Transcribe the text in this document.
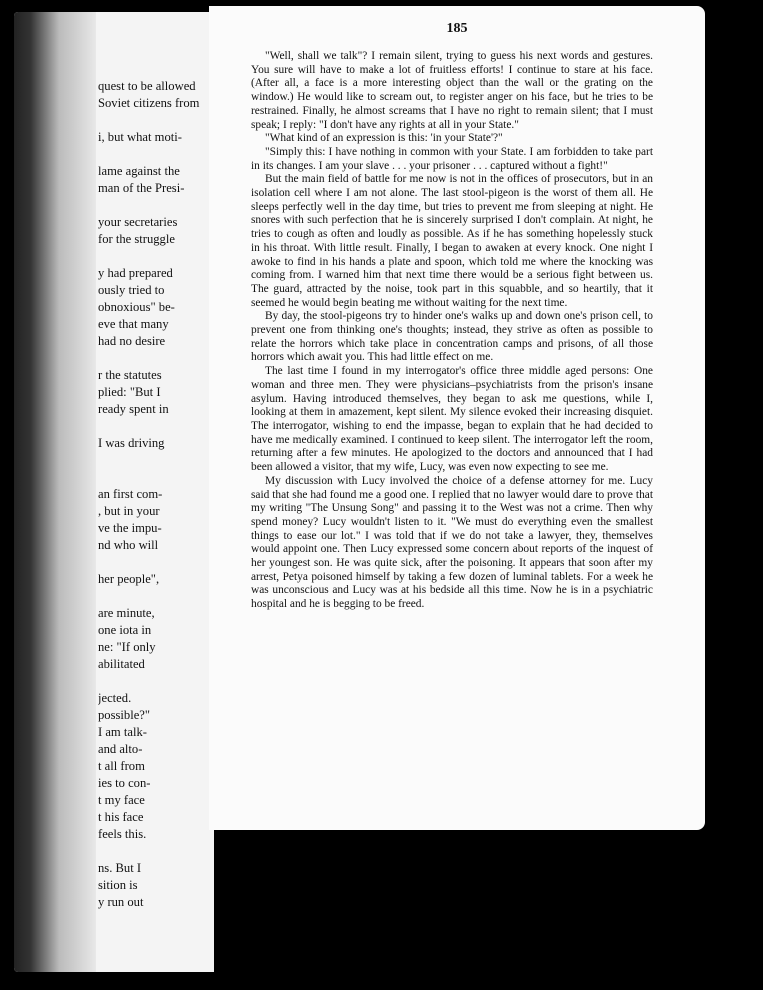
quest to be allowed
Soviet citizens from
i, but what moti-
lame against the
man of the Presi-
your secretaries
for the struggle
y had prepared
ously tried to
obnoxious" be-
eve that many
had no desire
r the statutes
plied: "But I
ready spent in
I was driving
an first com-
, but in your
ve the impu-
nd who will
her people",
are minute,
one iota in
ne: "If only
abilitated
jected.
possible?"
I am talk-
and alto-
t all from
ies to con-
t my face
t his face
feels this.
ns. But I
sition is
y run out
185

"Well, shall we talk"? I remain silent, trying to guess his next words and gestures. You sure will have to make a lot of fruitless efforts! I continue to stare at his face. (After all, a face is a more interesting object than the wall or the grating on the window.) He would like to scream out, to register anger on his face, but he tries to be restrained. Finally, he almost screams that I have no right to remain silent; that I must speak; I reply: "I don't have any rights at all in your State."

"What kind of an expression is this: 'in your State'?"

"Simply this: I have nothing in common with your State. I am forbidden to take part in its changes. I am your slave . . . your prisoner . . . captured without a fight!"

But the main field of battle for me now is not in the offices of prosecutors, but in an isolation cell where I am not alone. The last stool-pigeon is the worst of them all. He sleeps perfectly well in the day time, but tries to prevent me from sleeping at night. He snores with such perfection that he is sincerely surprised I don't complain. At night, he tries to cough as often and loudly as possible. As if he has something hopelessly stuck in his throat. With little result. Finally, I began to awaken at every knock. One night I awoke to find in his hands a plate and spoon, which told me where the knocking was coming from. I warned him that next time there would be a serious fight between us. The guard, attracted by the noise, took part in this squabble, and so heartily, that it seemed he would begin beating me without waiting for the next time.

By day, the stool-pigeons try to hinder one's walks up and down one's prison cell, to prevent one from thinking one's thoughts; instead, they strive as often as possible to relate the horrors which take place in concentration camps and prisons, of all those horrors which await you. This had little effect on me.

The last time I found in my interrogator's office three middle aged persons: One woman and three men. They were physicians–psychiatrists from the prison's insane asylum. Having introduced themselves, they began to ask me questions, while I, looking at them in amazement, kept silent. My silence evoked their increasing disquiet. The interrogator, wishing to end the impasse, began to explain that he had decided to have me medically examined. I continued to keep silent. The interrogator left the room, returning after a few minutes. He apologized to the doctors and announced that I had been allowed a visitor, that my wife, Lucy, was even now expecting to see me.

My discussion with Lucy involved the choice of a defense attorney for me. Lucy said that she had found me a good one. I replied that no lawyer would dare to prove that my writing "The Unsung Song" and passing it to the West was not a crime. Then why spend money? Lucy wouldn't listen to it. "We must do everything even the smallest things to ease our lot." I was told that if we do not take a lawyer, they, themselves would appoint one. Then Lucy expressed some concern about reports of the inquest of her youngest son. He was quite sick, after the poisoning. It appears that soon after my arrest, Petya poisoned himself by taking a few dozen of luminal tablets. For a week he was unconscious and Lucy was at his bedside all this time. Now he is in a psychiatric hospital and he is begging to be freed.
